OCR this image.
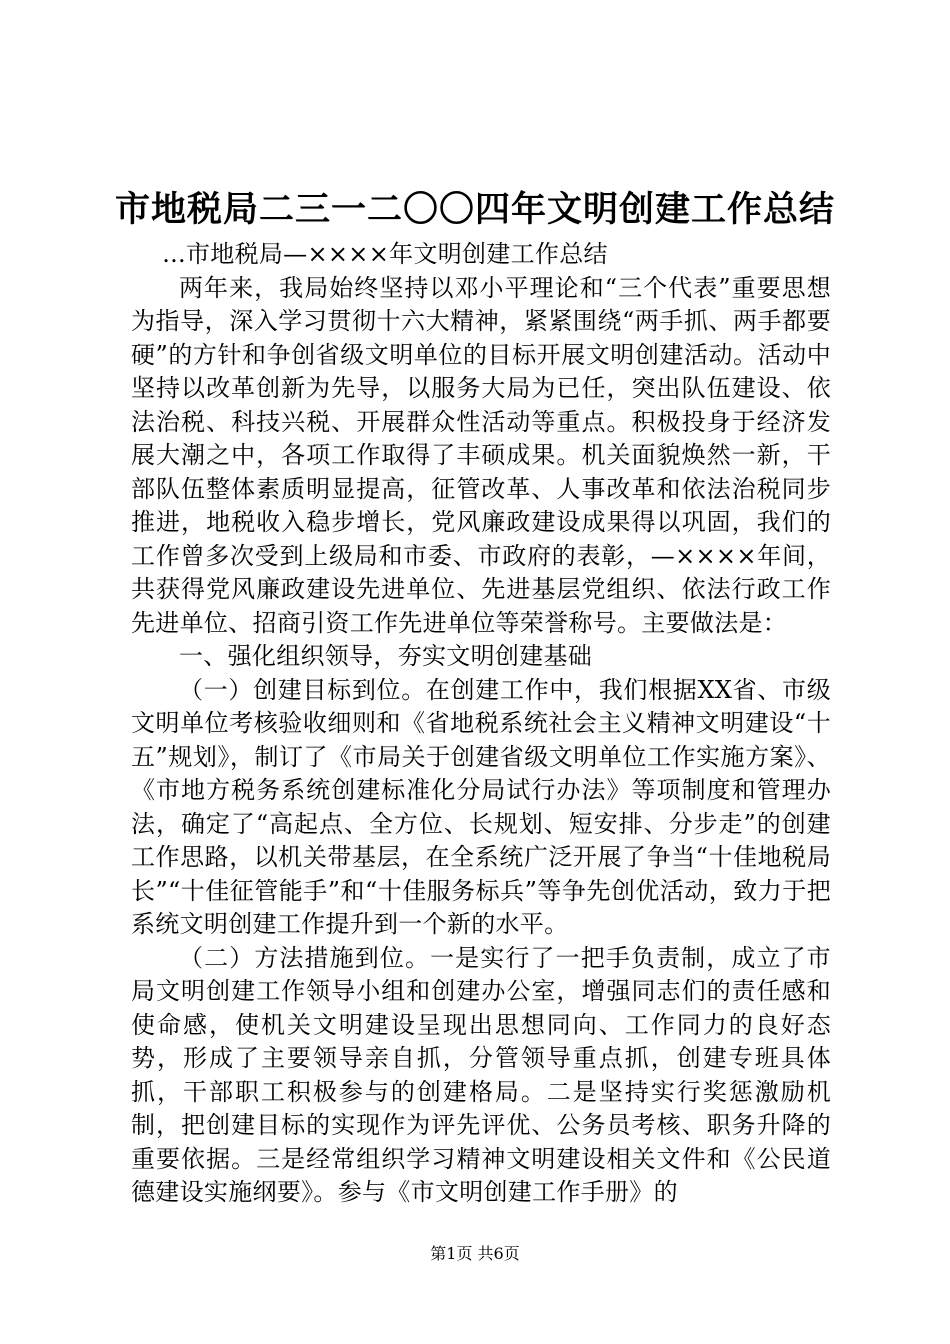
市地税局二三一二〇〇四年文明创建工作总结

...市地税局—××××年文明创建工作总结

两年来，我局始终坚持以邓小平理论和“三个代表”重要思想为指导，深入学习贯彻十六大精神，紧紧围绕“两手抓、两手都要硬”的方针和争创省级文明单位的目标开展文明创建活动。活动中坚持以改革创新为先导，以服务大局为已任，突出队伍建设、依法治税、科技兴税、开展群众性活动等重点。积极投身于经济发展大潮之中，各项工作取得了丰硕成果。机关面貌焕然一新，干部队伍整体素质明显提高，征管改革、人事改革和依法治税同步推进，地税收入稳步增长，党风廉政建设成果得以巩固，我们的工作曾多次受到上级局和市委、市政府的表彰，—××××年间，共获得党风廉政建设先进单位、先进基层党组织、依法行政工作先进单位、招商引资工作先进单位等荣誉称号。主要做法是：

一、强化组织领导，夯实文明创建基础

（一）创建目标到位。在创建工作中，我们根据XX省、市级文明单位考核验收细则和《省地税系统社会主义精神文明建设“十五”规划》，制订了《市局关于创建省级文明单位工作实施方案》、《市地方税务系统创建标准化分局试行办法》等项制度和管理办法，确定了“高起点、全方位、长规划、短安排、分步走”的创建工作思路，以机关带基层，在全系统广泛开展了争当“十佳地税局长”“十佳征管能手”和“十佳服务标兵”等争先创优活动，致力于把系统文明创建工作提升到一个新的水平。

（二）方法措施到位。一是实行了一把手负责制，成立了市局文明创建工作领导小组和创建办公室，增强同志们的责任感和使命感，使机关文明建设呈现出思想同向、工作同力的良好态势，形成了主要领导亲自抓，分管领导重点抓，创建专班具体抓，干部职工积极参与的创建格局。二是坚持实行奖惩激励机制，把创建目标的实现作为评先评优、公务员考核、职务升降的重要依据。三是经常组织学习精神文明建设相关文件和《公民道德建设实施纲要》。参与《市文明创建工作手册》的

第1页 共6页
